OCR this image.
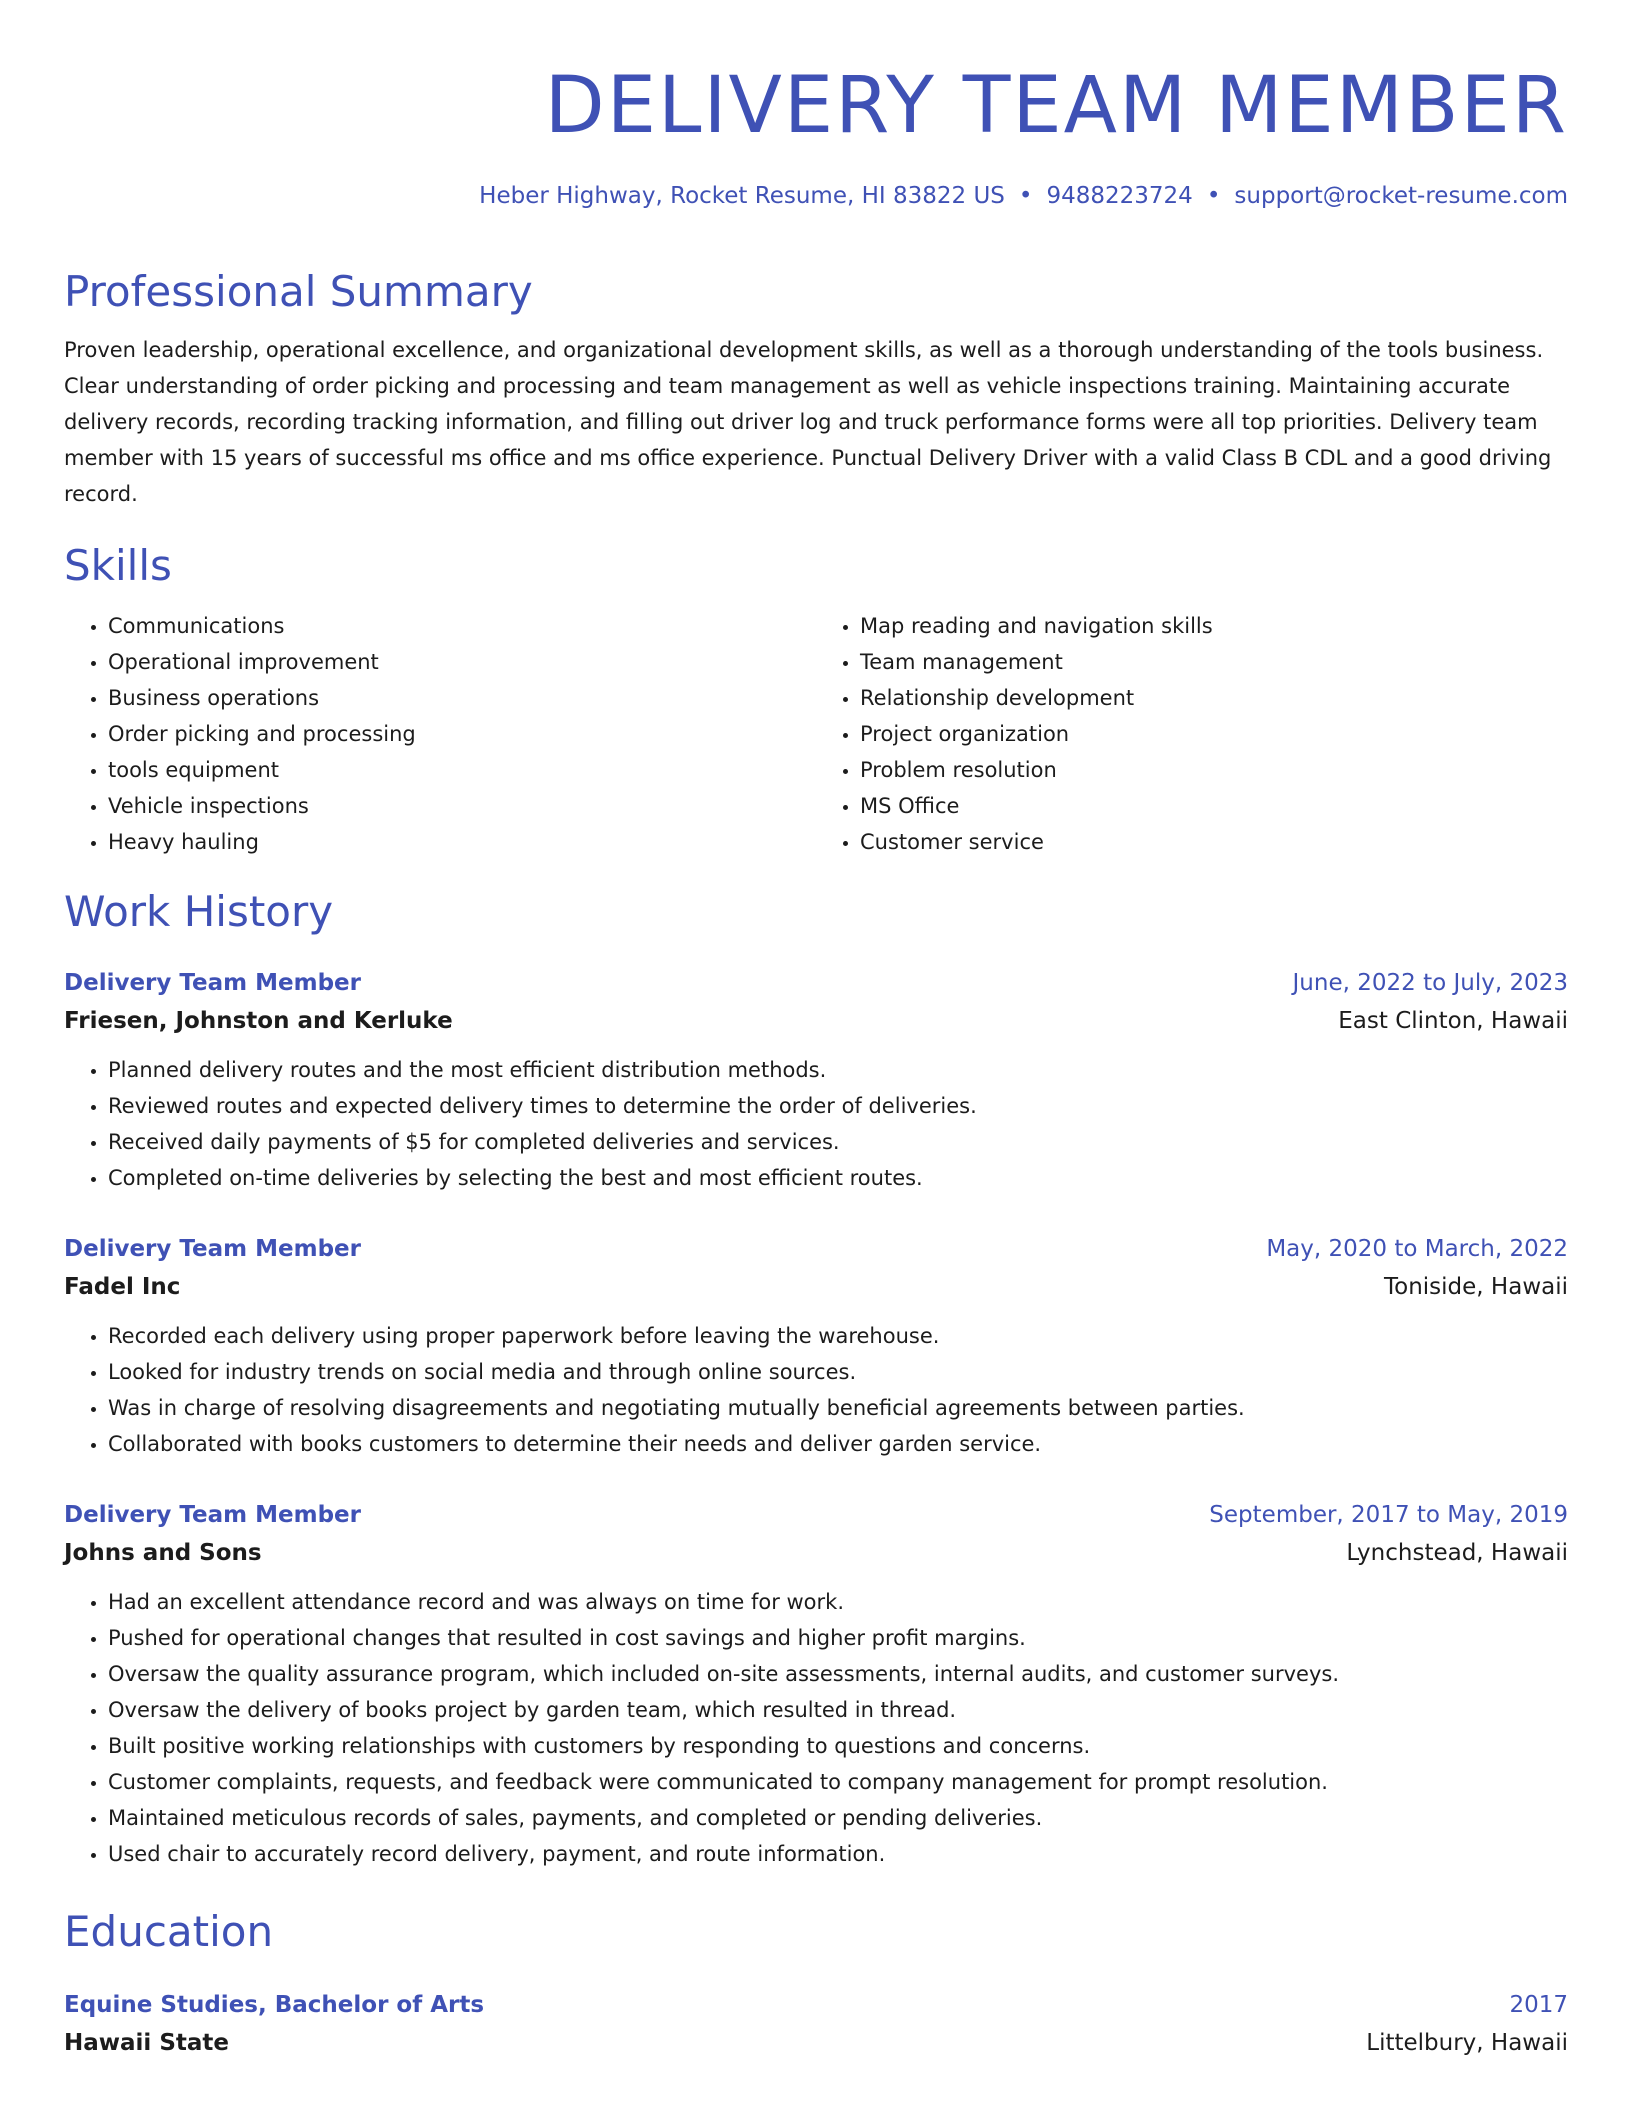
DELIVERY TEAM MEMBER
Heber Highway, Rocket Resume, HI 83822 US • 9488223724 • support@rocket-resume.com
Professional Summary

Proven leadership, operational excellence, and organizational development skills, as well as a thorough understanding of the tools business. Clear understanding of order picking and processing and team management as well as vehicle inspections training. Maintaining accurate delivery records, recording tracking information, and filling out driver log and truck performance forms were all top priorities. Delivery team member with 15 years of successful ms office and ms office experience. Punctual Delivery Driver with a valid Class B CDL and a good driving record.

Skills
• Communications
• Operational improvement
• Business operations
• Order picking and processing
• tools equipment
• Vehicle inspections
• Heavy hauling
• Map reading and navigation skills
• Team management
• Relationship development
• Project organization
• Problem resolution
• MS Office
• Customer service
Work History
Delivery Team Member	June, 2022 to July, 2023
Friesen, Johnston and Kerluke	East Clinton, Hawaii
• Planned delivery routes and the most efficient distribution methods.
• Reviewed routes and expected delivery times to determine the order of deliveries.
• Received daily payments of $5 for completed deliveries and services.
• Completed on-time deliveries by selecting the best and most efficient routes.
Delivery Team Member	May, 2020 to March, 2022
Fadel Inc	Toniside, Hawaii
• Recorded each delivery using proper paperwork before leaving the warehouse.
• Looked for industry trends on social media and through online sources.
• Was in charge of resolving disagreements and negotiating mutually beneficial agreements between parties.
• Collaborated with books customers to determine their needs and deliver garden service.
Delivery Team Member	September, 2017 to May, 2019
Johns and Sons	Lynchstead, Hawaii
• Had an excellent attendance record and was always on time for work.
• Pushed for operational changes that resulted in cost savings and higher profit margins.
• Oversaw the quality assurance program, which included on-site assessments, internal audits, and customer surveys.
• Oversaw the delivery of books project by garden team, which resulted in thread.
• Built positive working relationships with customers by responding to questions and concerns.
• Customer complaints, requests, and feedback were communicated to company management for prompt resolution.
• Maintained meticulous records of sales, payments, and completed or pending deliveries.
• Used chair to accurately record delivery, payment, and route information.
Education
Equine Studies, Bachelor of Arts	2017
Hawaii State	Littelbury, Hawaii
